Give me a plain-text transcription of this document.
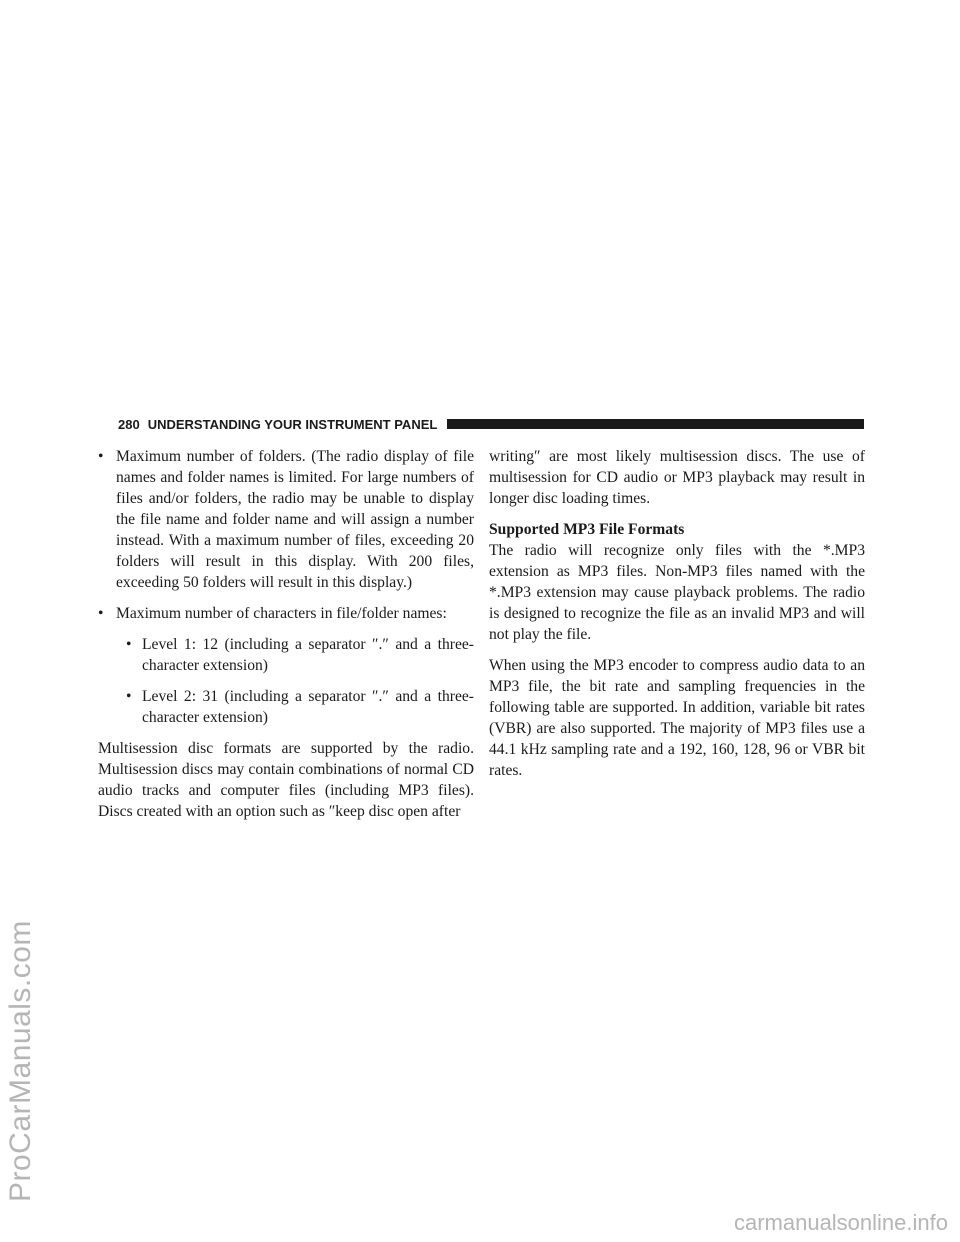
ProCarManuals.com
carmanualsonline.info
280 UNDERSTANDING YOUR INSTRUMENT PANEL
• Maximum number of folders. (The radio display of file names and folder names is limited. For large numbers of files and/or folders, the radio may be unable to display the file name and folder name and will assign a number instead. With a maximum number of files, exceeding 20 folders will result in this display. With 200 files, exceeding 50 folders will result in this display.)
• Maximum number of characters in file/folder names:
• Level 1: 12 (including a separator ″.″ and a three-character extension)
• Level 2: 31 (including a separator ″.″ and a three-character extension)

Multisession disc formats are supported by the radio. Multisession discs may contain combinations of normal CD audio tracks and computer files (including MP3 files). Discs created with an option such as ″keep disc open after

writing″ are most likely multisession discs. The use of multisession for CD audio or MP3 playback may result in longer disc loading times.

Supported MP3 File Formats

The radio will recognize only files with the *.MP3 extension as MP3 files. Non-MP3 files named with the *.MP3 extension may cause playback problems. The radio is designed to recognize the file as an invalid MP3 and will not play the file.

When using the MP3 encoder to compress audio data to an MP3 file, the bit rate and sampling frequencies in the following table are supported. In addition, variable bit rates (VBR) are also supported. The majority of MP3 files use a 44.1 kHz sampling rate and a 192, 160, 128, 96 or VBR bit rates.
